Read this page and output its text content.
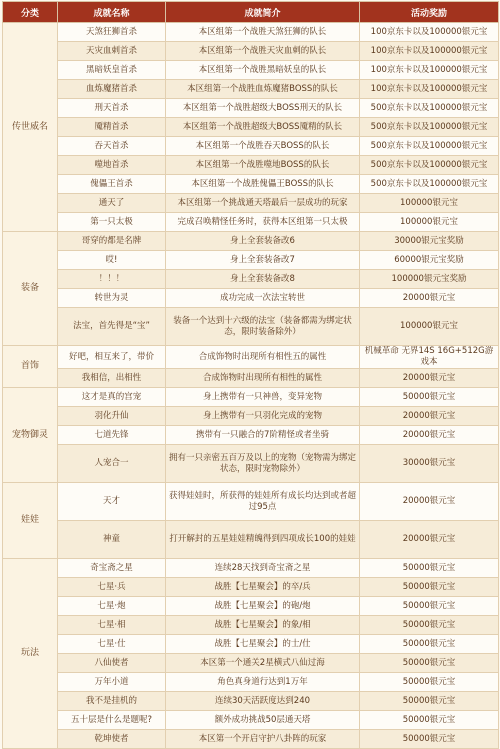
分类	成就名称	成就简介	活动奖励
传世威名	天煞狂狮首杀	本区组第一个战胜天煞狂狮的队长	100京东卡以及100000银元宝
	天灾血剌首杀	本区组第一个战胜天灾血刺的队长	100京东卡以及100000银元宝
	黑暗妖皇首杀	本区组第一个战胜黑暗妖皇的队长	100京东卡以及100000银元宝
	血炼魔猪首杀	本区组第一个战胜血炼魔猪BOSS的队长	100京东卡以及100000银元宝
	刑天首杀	本区组第一个战胜超级大BOSS刑天的队长	500京东卡以及100000银元宝
	魇精首杀	本区组第一个战胜超级大BOSS魇精的队长	500京东卡以及100000银元宝
	吞天首杀	本区组第一个战胜吞天BOSS的队长	500京东卡以及100000银元宝
	噬地首杀	本区组第一个战胜噬地BOSS的队长	500京东卡以及100000银元宝
	傀儡王首杀	本区组第一个战胜傀儡王BOSS的队长	500京东卡以及100000银元宝
	通天了	本区组第一个挑战通天塔最后一层成功的玩家	100000银元宝
	第一只太极	完成召唤精怪任务时，获得本区组第一只太极	100000银元宝
装备	哥穿的都是名牌	身上全套装备改6	30000银元宝奖励
	哎!	身上全套装备改7	60000银元宝奖励
	！！！	身上全套装备改8	100000银元宝奖励
	转世为灵	成功完成一次法宝转世	20000银元宝
	法宝，首先得是“宝”	装备一个达到十六级的法宝（装备都需为绑定状态，限时装备除外）	100000银元宝
首饰	好吧，相互来了，带价	合成饰物时出现所有相性五的属性	机械革命 无界14S 16G+512G游戏本
	我相信，出相性	合成饰物时出现所有相性的属性	20000银元宝
宠物御灵	这才是真的宫宠	身上携带有一只神兽，变异宠物	50000银元宝
	羽化升仙	身上携带有一只羽化完成的宠物	20000银元宝
	七道先锋	携带有一只融合的7阶精怪或者坐骑	20000银元宝
	人宠合一	拥有一只亲密五百万及以上的宠物（宠物需为绑定状态，限时宠物除外）	30000银元宝
娃娃	天才	获得娃娃时，所获得的娃娃所有成长均达到或者超过95点	20000银元宝
	神童	打开解封的五星娃娃精魄得到四项成长100的娃娃	20000银元宝
玩法	奇宝斋之星	连续28天找到奇宝斋之星	50000银元宝
	七星·兵	战胜【七星聚会】的卒/兵	50000银元宝
	七星·炮	战胜【七星聚会】的砲/炮	50000银元宝
	七星·相	战胜【七星聚会】的象/相	50000银元宝
	七星·仕	战胜【七星聚会】的士/仕	50000银元宝
	八仙使者	本区第一个通关2星横式八仙过海	50000银元宝
	万年小道	角色真身道行达到1万年	50000银元宝
	我不是挂机的	连续30天活跃度达到240	50000银元宝
	五十层是什么是题呢?	额外成功挑战50层通天塔	50000银元宝
	乾坤使者	本区第一个开启守护八卦阵的玩家	50000银元宝
